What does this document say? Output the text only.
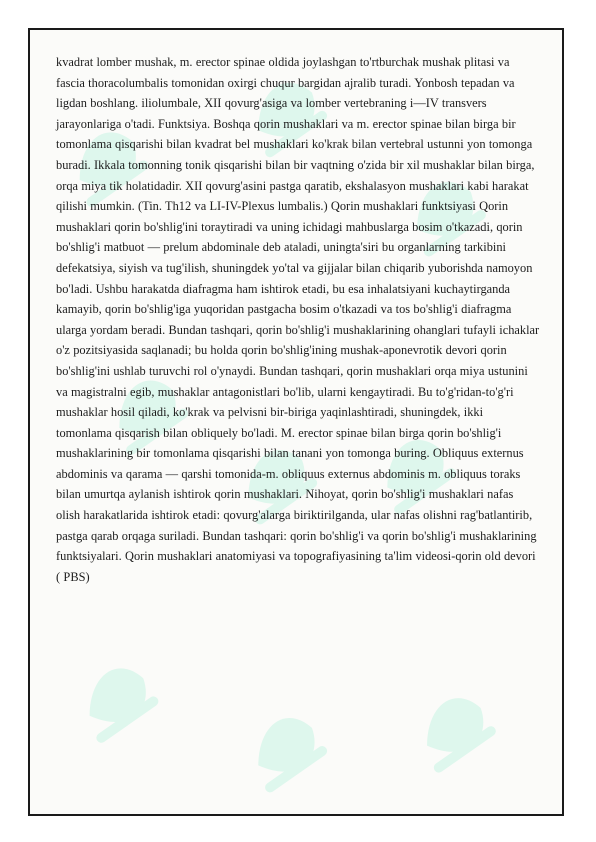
kvadrat lomber mushak, m. erector spinae oldida joylashgan to'rtburchak mushak plitasi va fascia thoracolumbalis tomonidan oxirgi chuqur bargidan ajralib turadi. Yonbosh tepadan va ligdan boshlang. iliolumbale, XII qovurg'asiga va lomber vertebraning i—IV transvers jarayonlariga o'tadi. Funktsiya. Boshqa qorin mushaklari va m. erector spinae bilan birga bir tomonlama qisqarishi bilan kvadrat bel mushaklari ko'krak bilan vertebral ustunni yon tomonga buradi. Ikkala tomonning tonik qisqarishi bilan bir vaqtning o'zida bir xil mushaklar bilan birga, orqa miya tik holatidadir. XII qovurg'asini pastga qaratib, ekshalasyon mushaklari kabi harakat qilishi mumkin. (Tin. Th12 va LI-IV-Plexus lumbalis.) Qorin mushaklari funktsiyasi Qorin mushaklari qorin bo'shlig'ini toraytiradi va uning ichidagi mahbuslarga bosim o'tkazadi, qorin bo'shlig'i matbuot — prelum abdominale deb ataladi, uningta'siri bu organlarning tarkibini defekatsiya, siyish va tug'ilish, shuningdek yo'tal va gijjalar bilan chiqarib yuborishda namoyon bo'ladi. Ushbu harakatda diafragma ham ishtirok etadi, bu esa inhalatsiyani kuchaytirganda kamayib, qorin bo'shlig'iga yuqoridan pastgacha bosim o'tkazadi va tos bo'shlig'i diafragma ularga yordam beradi. Bundan tashqari, qorin bo'shlig'i mushaklarining ohanglari tufayli ichaklar o'z pozitsiyasida saqlanadi; bu holda qorin bo'shlig'ining mushak-aponevrotik devori qorin bo'shlig'ini ushlab turuvchi rol o'ynaydi. Bundan tashqari, qorin mushaklari orqa miya ustunini va magistralni egib, mushaklar antagonistlari bo'lib, ularni kengaytiradi. Bu to'g'ridan-to'g'ri mushaklar hosil qiladi, ko'krak va pelvisni bir-biriga yaqinlashtiradi, shuningdek, ikki tomonlama qisqarish bilan obliquely bo'ladi. M. erector spinae bilan birga qorin bo'shlig'i mushaklarining bir tomonlama qisqarishi bilan tanani yon tomonga buring. Obliquus externus abdominis va qarama — qarshi tomonida-m. obliquus externus abdominis m. obliquus toraks bilan umurtqa aylanish ishtirok qorin mushaklari. Nihoyat, qorin bo'shlig'i mushaklari nafas olish harakatlarida ishtirok etadi: qovurg'alarga biriktirilganda, ular nafas olishni rag'batlantirib, pastga qarab orqaga suriladi. Bundan tashqari: qorin bo'shlig'i va qorin bo'shlig'i mushaklarining funktsiyalari. Qorin mushaklari anatomiyasi va topografiyasining ta'lim videosi-qorin old devori ( PBS)
